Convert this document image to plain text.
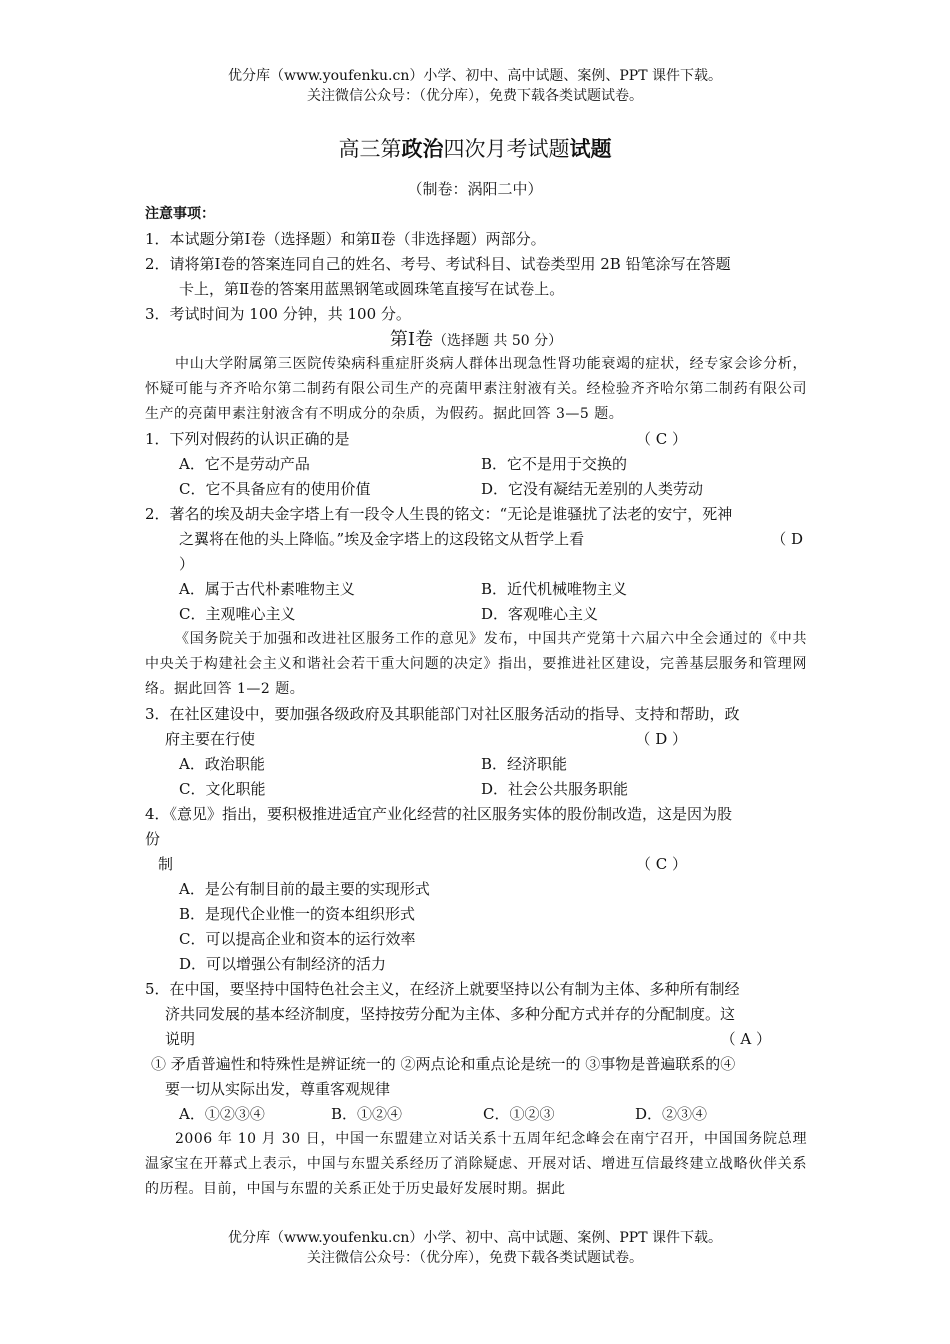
优分库（www.youfenku.cn）小学、初中、高中试题、案例、PPT 课件下载。
关注微信公众号：（优分库），免费下载各类试题试卷。
高三第政治四次月考试题试题
（制卷：涡阳二中）
注意事项：
1．本试题分第Ⅰ卷（选择题）和第Ⅱ卷（非选择题）两部分。
2．请将第Ⅰ卷的答案连同自己的姓名、考号、考试科目、试卷类型用 2B 铅笔涂写在答题
卡上，第Ⅱ卷的答案用蓝黑钢笔或圆珠笔直接写在试卷上。
3．考试时间为 100 分钟，共 100 分。
第Ⅰ卷（选择题 共 50 分）
中山大学附属第三医院传染病科重症肝炎病人群体出现急性肾功能衰竭的症状，经专家会诊分析，怀疑可能与齐齐哈尔第二制药有限公司生产的亮菌甲素注射液有关。经检验齐齐哈尔第二制药有限公司生产的亮菌甲素注射液含有不明成分的杂质，为假药。据此回答 3—5 题。
1．下列对假药的认识正确的是	（ C ）
A．它不是劳动产品	B．它不是用于交换的
C．它不具备应有的使用价值	D．它没有凝结无差别的人类劳动
2．著名的埃及胡夫金字塔上有一段令人生畏的铭文：“无论是谁骚扰了法老的安宁，死神
之翼将在他的头上降临。”埃及金字塔上的这段铭文从哲学上看	（ D
）
A．属于古代朴素唯物主义	B．近代机械唯物主义
C．主观唯心主义	D．客观唯心主义
《国务院关于加强和改进社区服务工作的意见》发布，中国共产党第十六届六中全会通过的《中共中央关于构建社会主义和谐社会若干重大问题的决定》指出，要推进社区建设，完善基层服务和管理网络。据此回答 1—2 题。
3．在社区建设中，要加强各级政府及其职能部门对社区服务活动的指导、支持和帮助，政
府主要在行使	（ D ）
A．政治职能	B．经济职能
C．文化职能	D．社会公共服务职能
4．《意见》指出，要积极推进适宜产业化经营的社区服务实体的股份制改造，这是因为股
份
制	（ C ）
A．是公有制目前的最主要的实现形式
B．是现代企业惟一的资本组织形式
C．可以提高企业和资本的运行效率
D．可以增强公有制经济的活力
5．在中国，要坚持中国特色社会主义，在经济上就要坚持以公有制为主体、多种所有制经
济共同发展的基本经济制度，坚持按劳分配为主体、多种分配方式并存的分配制度。这
说明	（ A ）
① 矛盾普遍性和特殊性是辨证统一的 ②两点论和重点论是统一的 ③事物是普遍联系的④
要一切从实际出发，尊重客观规律
A．①②③④	B．①②④	C．①②③	D．②③④
2006 年 10 月 30 日，中国一东盟建立对话关系十五周年纪念峰会在南宁召开，中国国务院总理温家宝在开幕式上表示，中国与东盟关系经历了消除疑虑、开展对话、增进互信最终建立战略伙伴关系的历程。目前，中国与东盟的关系正处于历史最好发展时期。据此
优分库（www.youfenku.cn）小学、初中、高中试题、案例、PPT 课件下载。
关注微信公众号：（优分库），免费下载各类试题试卷。
